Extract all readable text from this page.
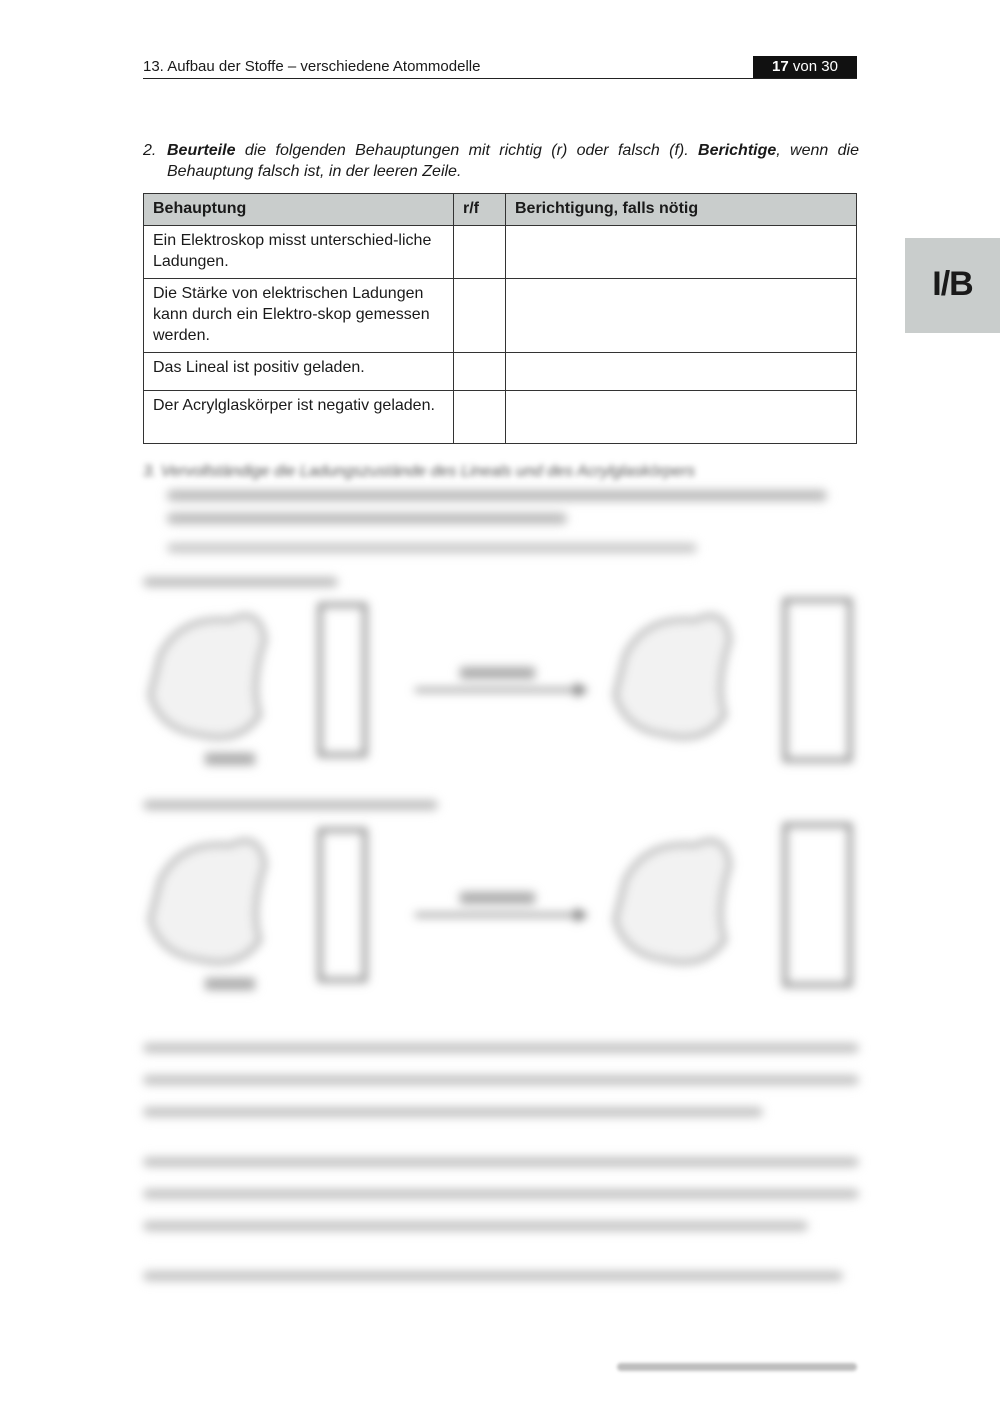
13. Aufbau der Stoffe – verschiedene Atommodelle	17 von 30
I/B
2. Beurteile die folgenden Behauptungen mit richtig (r) oder falsch (f). Berichtige, wenn die Behauptung falsch ist, in der leeren Zeile.
Behauptung	r/f	Berichtigung, falls nötig
Ein Elektroskop misst unterschied-liche Ladungen.		
Die Stärke von elektrischen Ladungen kann durch ein Elektro-skop gemessen werden.		
Das Lineal ist positiv geladen.		
Der Acrylglaskörper ist negativ geladen.		
3. Vervollständige die Ladungszustände des Lineals und des Acrylglaskörpers
